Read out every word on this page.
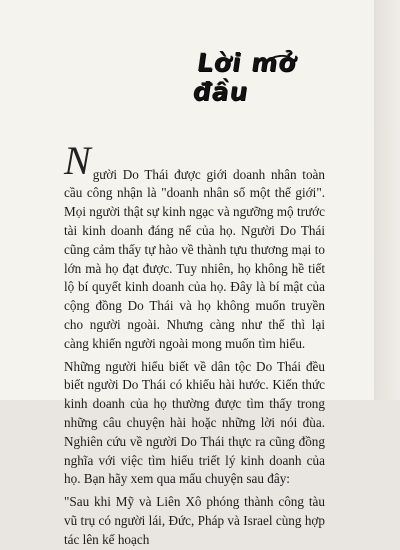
Lời mở đầu

N gười Do Thái được giới doanh nhân toàn cầu công nhận là "doanh nhân số một thế giới". Mọi người thật sự kinh ngạc và ngưỡng mộ trước tài kinh doanh đáng nể của họ. Người Do Thái cũng cảm thấy tự hào về thành tựu thương mại to lớn mà họ đạt được. Tuy nhiên, họ không hề tiết lộ bí quyết kinh doanh của họ. Đây là bí mật của cộng đồng Do Thái và họ không muốn truyền cho người ngoài. Nhưng càng như thế thì lại càng khiến người ngoài mong muốn tìm hiểu.

Những người hiểu biết về dân tộc Do Thái đều biết người Do Thái có khiếu hài hước. Kiến thức kinh doanh của họ thường được tìm thấy trong những câu chuyện hài hoặc những lời nói đùa. Nghiên cứu về người Do Thái thực ra cũng đồng nghĩa với việc tìm hiểu triết lý kinh doanh của họ. Bạn hãy xem qua mẩu chuyện sau đây:

"Sau khi Mỹ và Liên Xô phóng thành công tàu vũ trụ có người lái, Đức, Pháp và Israel cùng hợp tác lên kế hoạch
